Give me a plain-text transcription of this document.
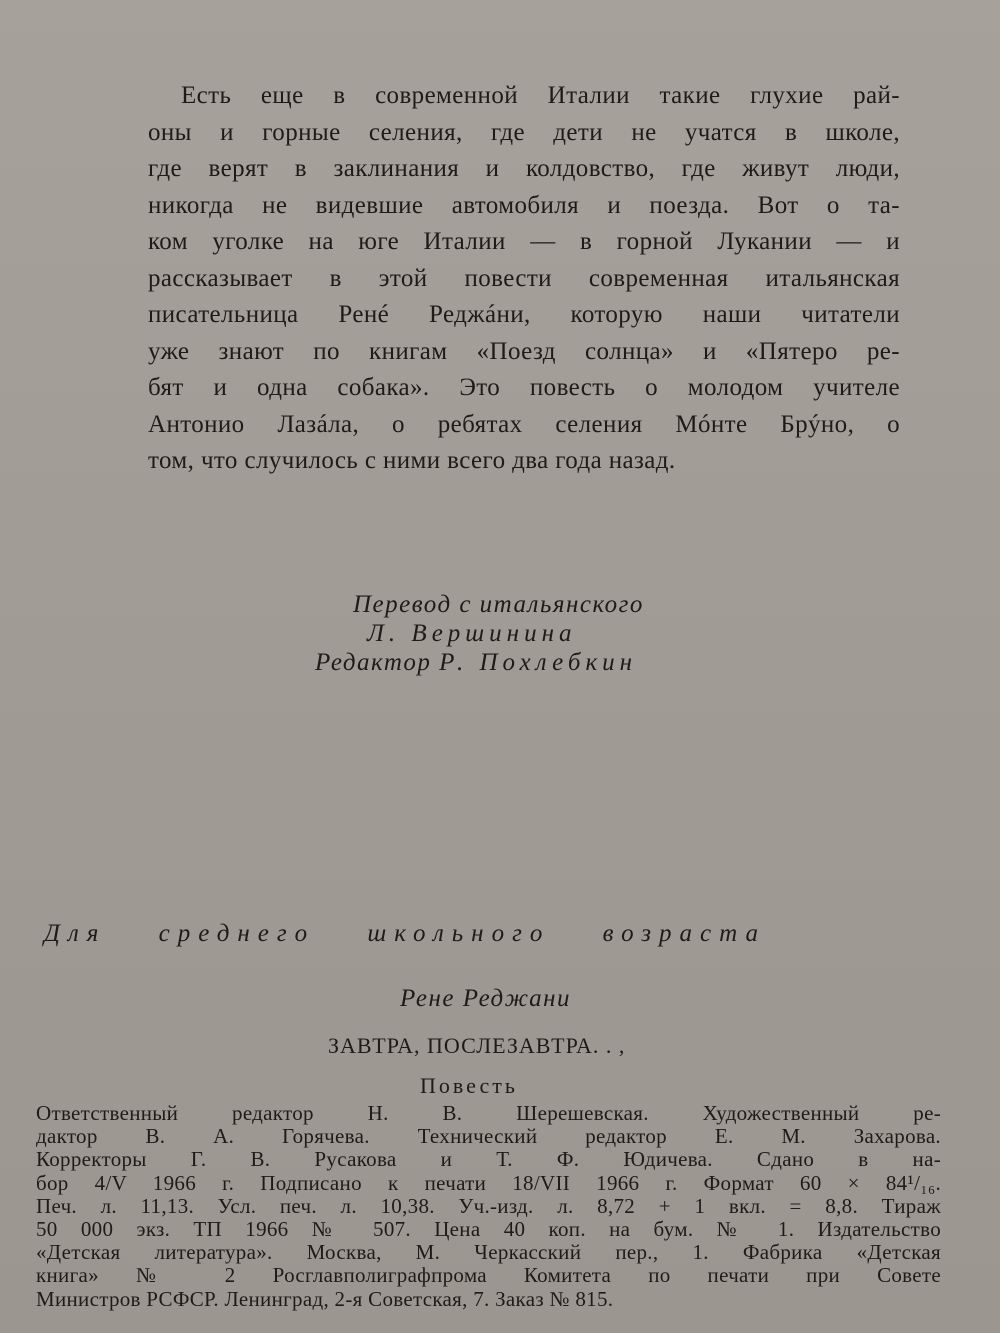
Есть еще в современной Италии такие глухие рай-
оны и горные селения, где дети не учатся в школе,
где верят в заклинания и колдовство, где живут люди,
никогда не видевшие автомобиля и поезда. Вот о та-
ком уголке на юге Италии — в горной Лукании — и
рассказывает в этой повести современная итальянская
писательница Ренé Реджáни, которую наши читатели
уже знают по книгам «Поезд солнца» и «Пятеро ре-
бят и одна собака». Это повесть о молодом учителе
Антонио Лазáла, о ребятах селения Мóнте Брýно, о
том, что случилось с ними всего два года назад.
Перевод с итальянского
Л. Вершинина
Редактор Р. Похлебкин
Для среднего школьного возраста
Рене Реджани
ЗАВТРА, ПОСЛЕЗАВТРА. . ,
Повесть
Ответственный редактор Н. В. Шерешевская. Художественный ре-
дактор В. А. Горячева. Технический редактор Е. М. Захарова.
Корректоры Г. В. Русакова и Т. Ф. Юдичева. Сдано в на-
бор 4/V 1966 г. Подписано к печати 18/VII 1966 г. Формат 60 × 84¹/₁₆.
Печ. л. 11,13. Усл. печ. л. 10,38. Уч.-изд. л. 8,72 + 1 вкл. = 8,8. Тираж
50 000 экз. ТП 1966 № 507. Цена 40 коп. на бум. № 1. Издательство
«Детская литература». Москва, М. Черкасский пер., 1. Фабрика «Детская
книга» № 2 Росглавполиграфпрома Комитета по печати при Совете
Министров РСФСР. Ленинград, 2-я Советская, 7. Заказ № 815.
